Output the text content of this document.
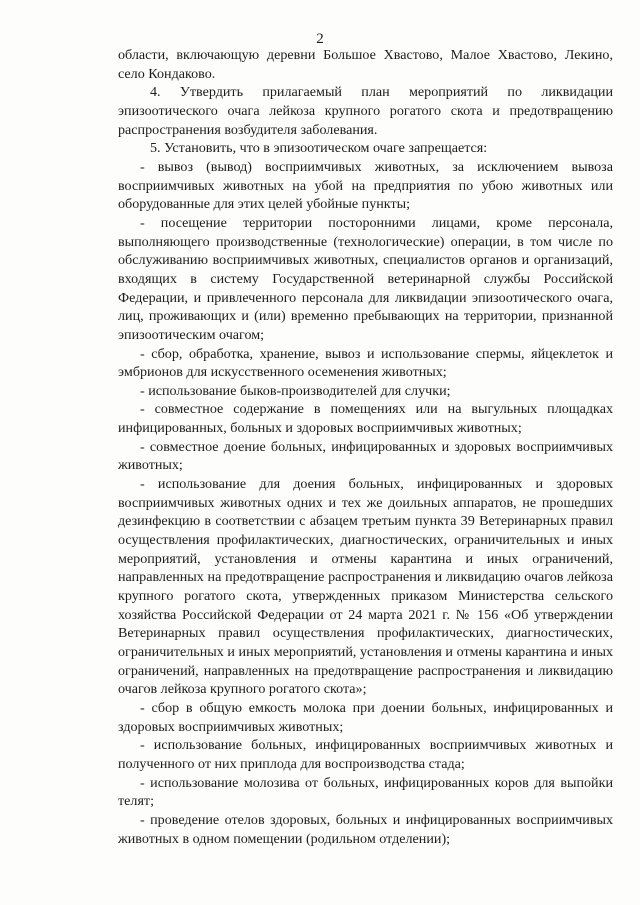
2

области, включающую деревни Большое Хвастово, Малое Хвастово, Лекино, село Кондаково.

4. Утвердить прилагаемый план мероприятий по ликвидации эпизоотического очага лейкоза крупного рогатого скота и предотвращению распространения возбудителя заболевания.

5. Установить, что в эпизоотическом очаге запрещается:

- вывоз (вывод) восприимчивых животных, за исключением вывоза восприимчивых животных на убой на предприятия по убою животных или оборудованные для этих целей убойные пункты;

- посещение территории посторонними лицами, кроме персонала, выполняющего производственные (технологические) операции, в том числе по обслуживанию восприимчивых животных, специалистов органов и организаций, входящих в систему Государственной ветеринарной службы Российской Федерации, и привлеченного персонала для ликвидации эпизоотического очага, лиц, проживающих и (или) временно пребывающих на территории, признанной эпизоотическим очагом;

- сбор, обработка, хранение, вывоз и использование спермы, яйцеклеток и эмбрионов для искусственного осеменения животных;

- использование быков-производителей для случки;

- совместное содержание в помещениях или на выгульных площадках инфицированных, больных и здоровых восприимчивых животных;

- совместное доение больных, инфицированных и здоровых восприимчивых животных;

- использование для доения больных, инфицированных и здоровых восприимчивых животных одних и тех же доильных аппаратов, не прошедших дезинфекцию в соответствии с абзацем третьим пункта 39 Ветеринарных правил осуществления профилактических, диагностических, ограничительных и иных мероприятий, установления и отмены карантина и иных ограничений, направленных на предотвращение распространения и ликвидацию очагов лейкоза крупного рогатого скота, утвержденных приказом Министерства сельского хозяйства Российской Федерации от 24 марта 2021 г. № 156 «Об утверждении Ветеринарных правил осуществления профилактических, диагностических, ограничительных и иных мероприятий, установления и отмены карантина и иных ограничений, направленных на предотвращение распространения и ликвидацию очагов лейкоза крупного рогатого скота»;

- сбор в общую емкость молока при доении больных, инфицированных и здоровых восприимчивых животных;

- использование больных, инфицированных восприимчивых животных и полученного от них приплода для воспроизводства стада;

- использование молозива от больных, инфицированных коров для выпойки телят;

- проведение отелов здоровых, больных и инфицированных восприимчивых животных в одном помещении (родильном отделении);
